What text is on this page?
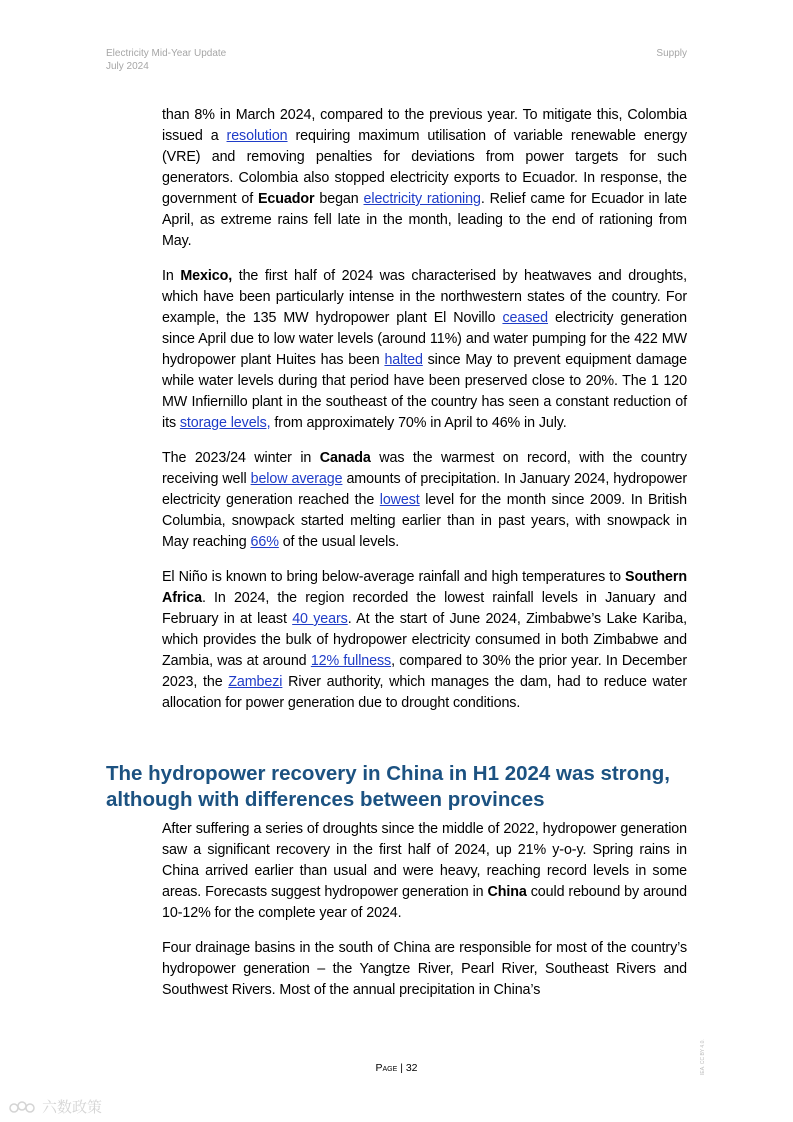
Electricity Mid-Year Update
July 2024
Supply

than 8% in March 2024, compared to the previous year. To mitigate this, Colombia issued a resolution requiring maximum utilisation of variable renewable energy (VRE) and removing penalties for deviations from power targets for such generators. Colombia also stopped electricity exports to Ecuador. In response, the government of Ecuador began electricity rationing. Relief came for Ecuador in late April, as extreme rains fell late in the month, leading to the end of rationing from May.

In Mexico, the first half of 2024 was characterised by heatwaves and droughts, which have been particularly intense in the northwestern states of the country. For example, the 135 MW hydropower plant El Novillo ceased electricity generation since April due to low water levels (around 11%) and water pumping for the 422 MW hydropower plant Huites has been halted since May to prevent equipment damage while water levels during that period have been preserved close to 20%. The 1 120 MW Infiernillo plant in the southeast of the country has seen a constant reduction of its storage levels, from approximately 70% in April to 46% in July.

The 2023/24 winter in Canada was the warmest on record, with the country receiving well below average amounts of precipitation. In January 2024, hydropower electricity generation reached the lowest level for the month since 2009. In British Columbia, snowpack started melting earlier than in past years, with snowpack in May reaching 66% of the usual levels.

El Niño is known to bring below-average rainfall and high temperatures to Southern Africa. In 2024, the region recorded the lowest rainfall levels in January and February in at least 40 years. At the start of June 2024, Zimbabwe’s Lake Kariba, which provides the bulk of hydropower electricity consumed in both Zimbabwe and Zambia, was at around 12% fullness, compared to 30% the prior year. In December 2023, the Zambezi River authority, which manages the dam, had to reduce water allocation for power generation due to drought conditions.

The hydropower recovery in China in H1 2024 was strong, although with differences between provinces

After suffering a series of droughts since the middle of 2022, hydropower generation saw a significant recovery in the first half of 2024, up 21% y-o-y. Spring rains in China arrived earlier than usual and were heavy, reaching record levels in some areas. Forecasts suggest hydropower generation in China could rebound by around 10-12% for the complete year of 2024.

Four drainage basins in the south of China are responsible for most of the country’s hydropower generation – the Yangtze River, Pearl River, Southeast Rivers and Southwest Rivers. Most of the annual precipitation in China’s

Page | 32	IEA. CC BY 4.0.
六数政策
